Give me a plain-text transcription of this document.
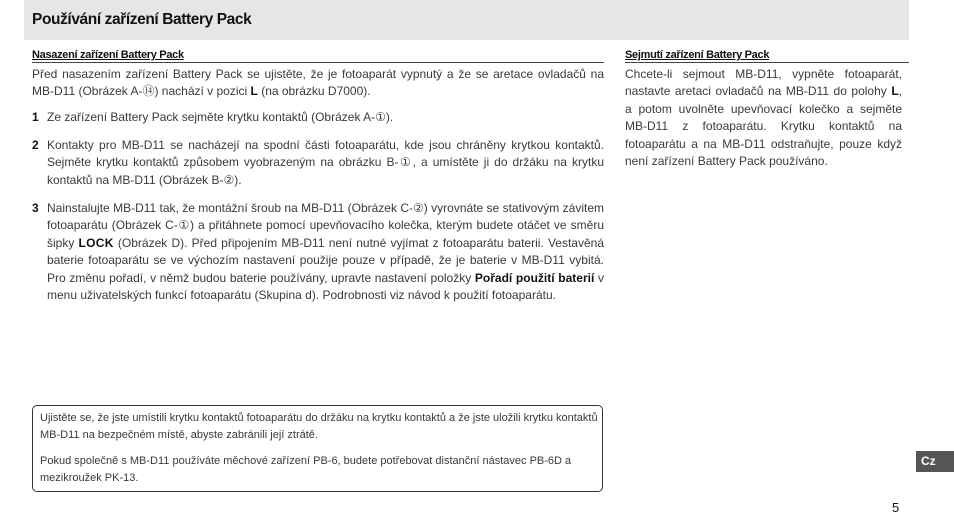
Používání zařízení Battery Pack
Nasazení zařízení Battery Pack

Před nasazením zařízení Battery Pack se ujistěte, že je fotoaparát vypnutý a že se aretace ovladačů na MB-D11 (Obrázek A-⑭) nachází v pozici L (na obrázku D7000).

1 Ze zařízení Battery Pack sejměte krytku kontaktů (Obrázek A-①).
2 Kontakty pro MB-D11 se nacházejí na spodní části fotoaparátu, kde jsou chráněny krytkou kontaktů. Sejměte krytku kontaktů způsobem vyobrazeným na obrázku B-①, a umístěte ji do držáku na krytku kontaktů na MB-D11 (Obrázek B-②).
3 Nainstalujte MB-D11 tak, že montážní šroub na MB-D11 (Obrázek C-②) vyrovnáte se stativovým závitem fotoaparátu (Obrázek C-①) a přitáhnete pomocí upevňovacího kolečka, kterým budete otáčet ve směru šipky LOCK (Obrázek D). Před připojením MB-D11 není nutné vyjímat z fotoaparátu baterii. Vestavěná baterie fotoaparátu se ve výchozím nastavení použije pouze v případě, že je baterie v MB-D11 vybitá. Pro změnu pořadí, v němž budou baterie používány, upravte nastavení položky Pořadí použití baterií v menu uživatelských funkcí fotoaparátu (Skupina d). Podrobnosti viz návod k použití fotoaparátu.
Sejmutí zařízení Battery Pack

Chcete-li sejmout MB-D11, vypněte fotoaparát, nastavte aretaci ovladačů na MB-D11 do polohy L, a potom uvolněte upevňovací kolečko a sejměte MB-D11 z fotoaparátu. Krytku kontaktů na fotoaparátu a na MB-D11 odstraňujte, pouze když není zařízení Battery Pack používáno.

Ujistěte se, že jste umístili krytku kontaktů fotoaparátu do držáku na krytku kontaktů a že jste uložili krytku kontaktů MB-D11 na bezpečném místě, abyste zabránili její ztrátě.

Pokud společně s MB-D11 používáte měchové zařízení PB-6, budete potřebovat distanční nástavec PB-6D a mezikroužek PK-13.

Cz
5
